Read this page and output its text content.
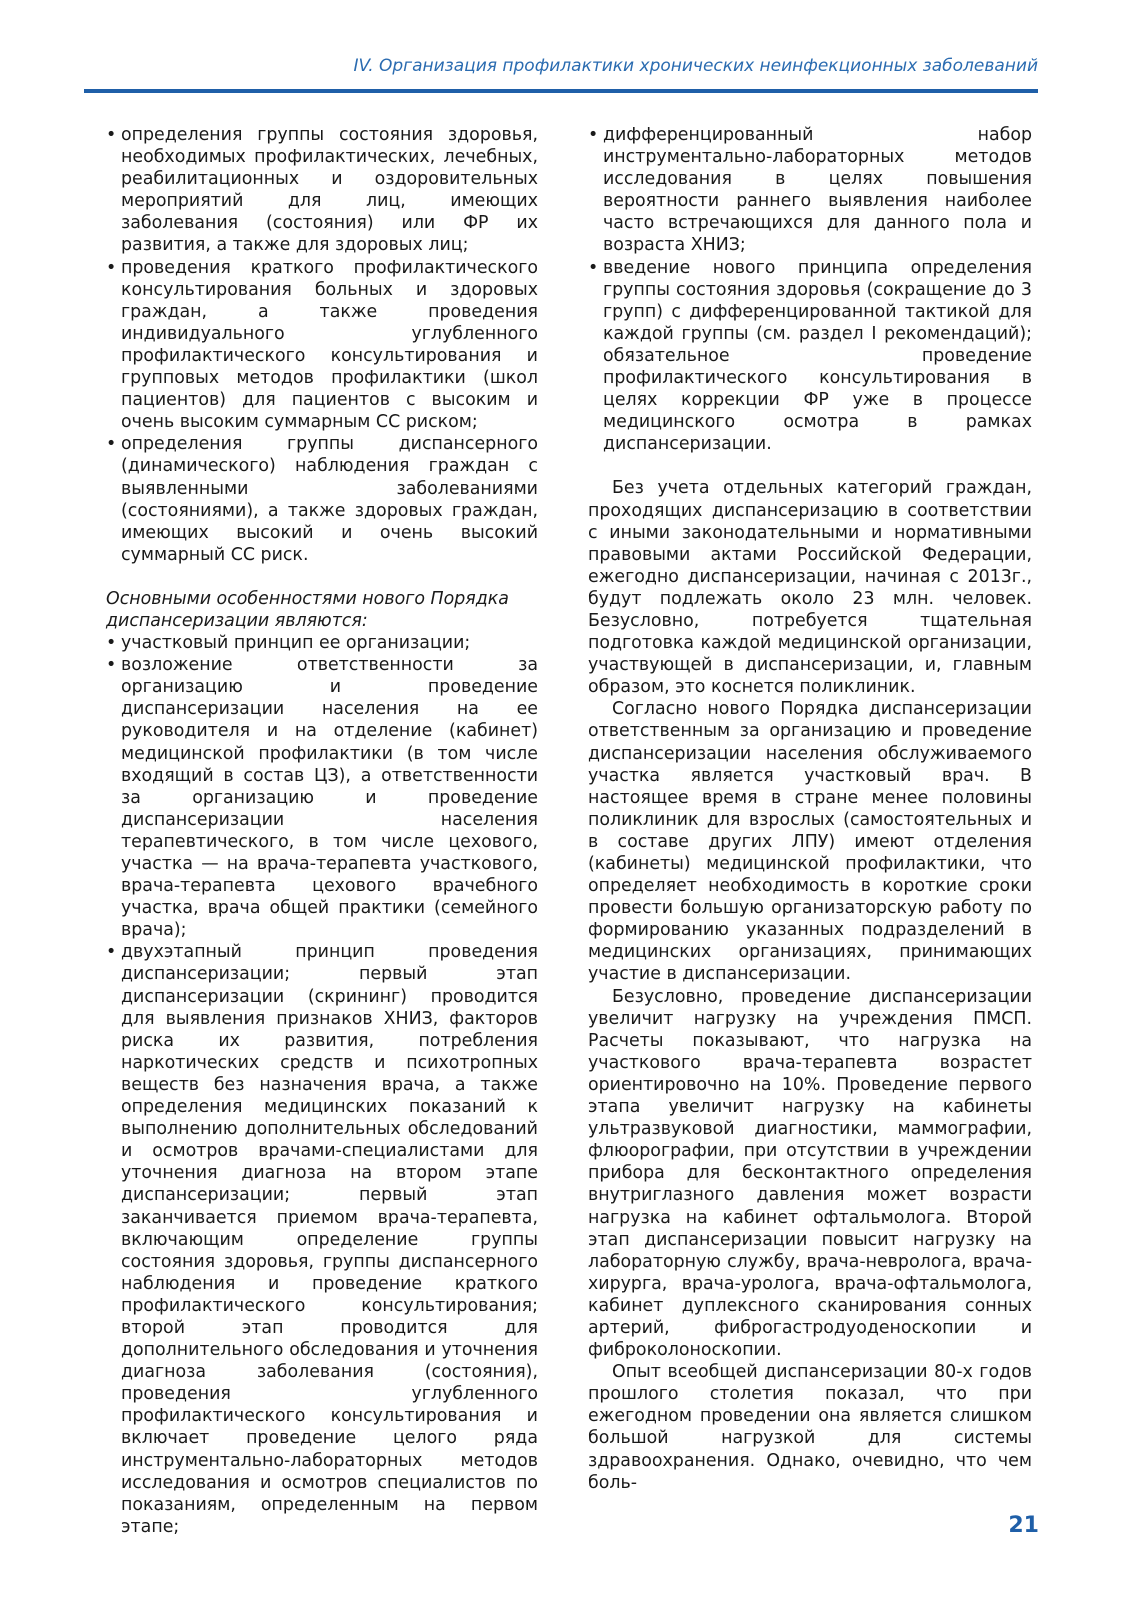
IV. Организация профилактики хронических неинфекционных заболеваний
• определения группы состояния здоровья, необходимых профилактических, лечебных, реабилитационных и оздоровительных мероприятий для лиц, имеющих заболевания (состояния) или ФР их развития, а также для здоровых лиц;
• проведения краткого профилактического консультирования больных и здоровых граждан, а также проведения индивидуального углубленного профилактического консультирования и групповых методов профилактики (школ пациентов) для пациентов с высоким и очень высоким суммарным СС риском;
• определения группы диспансерного (динамического) наблюдения граждан с выявленными заболеваниями (состояниями), а также здоровых граждан, имеющих высокий и очень высокий суммарный СС риск.

Основными особенностями нового Порядка диспансеризации являются:

• участковый принцип ее организации;
• возложение ответственности за организацию и проведение диспансеризации населения на ее руководителя и на отделение (кабинет) медицинской профилактики (в том числе входящий в состав ЦЗ), а ответственности за организацию и проведение диспансеризации населения терапевтического, в том числе цехового, участка — на врача-терапевта участкового, врача-терапевта цехового врачебного участка, врача общей практики (семейного врача);
• двухэтапный принцип проведения диспансеризации; первый этап диспансеризации (скрининг) проводится для выявления признаков ХНИЗ, факторов риска их развития, потребления наркотических средств и психотропных веществ без назначения врача, а также определения медицинских показаний к выполнению дополнительных обследований и осмотров врачами-специалистами для уточнения диагноза на втором этапе диспансеризации; первый этап заканчивается приемом врача-терапевта, включающим определение группы состояния здоровья, группы диспансерного наблюдения и проведение краткого профилактического консультирования; второй этап проводится для дополнительного обследования и уточнения диагноза заболевания (состояния), проведения углубленного профилактического консультирования и включает проведение целого ряда инструментально-лабораторных методов исследования и осмотров специалистов по показаниям, определенным на первом этапе;
• дифференцированный набор инструментально-лабораторных методов исследования в целях повышения вероятности раннего выявления наиболее часто встречающихся для данного пола и возраста ХНИЗ;
• введение нового принципа определения группы состояния здоровья (сокращение до 3 групп) с дифференцированной тактикой для каждой группы (см. раздел I рекомендаций); обязательное проведение профилактического консультирования в целях коррекции ФР уже в процессе медицинского осмотра в рамках диспансеризации.

Без учета отдельных категорий граждан, проходящих диспансеризацию в соответствии с иными законодательными и нормативными правовыми актами Российской Федерации, ежегодно диспансеризации, начиная с 2013г., будут подлежать около 23 млн. человек. Безусловно, потребуется тщательная подготовка каждой медицинской организации, участвующей в диспансеризации, и, главным образом, это коснется поликлиник.

Согласно нового Порядка диспансеризации ответственным за организацию и проведение диспансеризации населения обслуживаемого участка является участковый врач. В настоящее время в стране менее половины поликлиник для взрослых (самостоятельных и в составе других ЛПУ) имеют отделения (кабинеты) медицинской профилактики, что определяет необходимость в короткие сроки провести большую организаторскую работу по формированию указанных подразделений в медицинских организациях, принимающих участие в диспансеризации.

Безусловно, проведение диспансеризации увеличит нагрузку на учреждения ПМСП. Расчеты показывают, что нагрузка на участкового врача-терапевта возрастет ориентировочно на 10%. Проведение первого этапа увеличит нагрузку на кабинеты ультразвуковой диагностики, маммографии, флюорографии, при отсутствии в учреждении прибора для бесконтактного определения внутриглазного давления может возрасти нагрузка на кабинет офтальмолога. Второй этап диспансеризации повысит нагрузку на лабораторную службу, врача-невролога, врача-хирурга, врача-уролога, врача-офтальмолога, кабинет дуплексного сканирования сонных артерий, фиброгастродуоденоскопии и фиброколоноскопии.

Опыт всеобщей диспансеризации 80-х годов прошлого столетия показал, что при ежегодном проведении она является слишком большой нагрузкой для системы здравоохранения. Однако, очевидно, что чем боль-

21
